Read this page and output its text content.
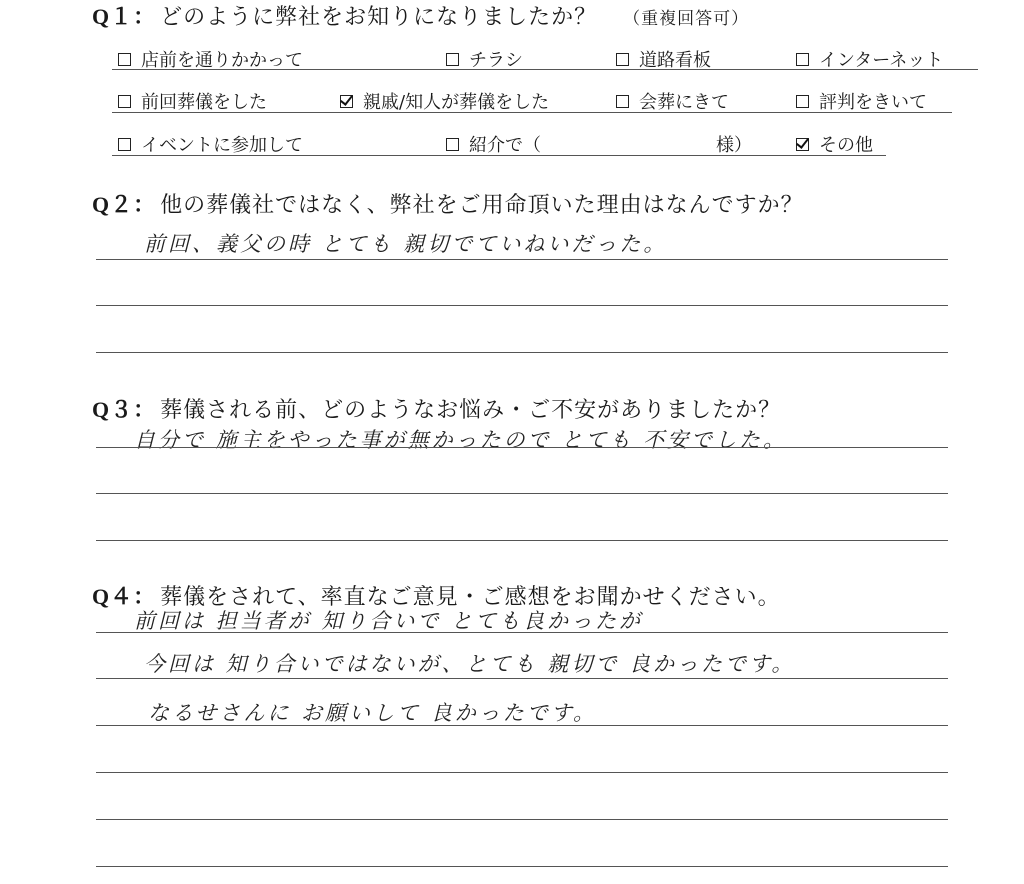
Q１： どのように弊社をお知りになりましたか？ （重複回答可）
店前を通りかかって	チラシ	道路看板	インターネット
前回葬儀をした	親戚/知人が葬儀をした	会葬にきて	評判をきいて
イベントに参加して	紹介で（	様）	その他
Q２： 他の葬儀社ではなく、弊社をご用命頂いた理由はなんですか？
前回、義父の時 とても 親切でていねいだった。
Q３： 葬儀される前、どのようなお悩み・ご不安がありましたか？
自分で 施主をやった事が無かったので とても 不安でした。
Q４： 葬儀をされて、率直なご意見・ご感想をお聞かせください。
前回は 担当者が 知り合いで とても良かったが
今回は 知り合いではないが、とても 親切で 良かったです。
なるせさんに お願いして 良かったです。
